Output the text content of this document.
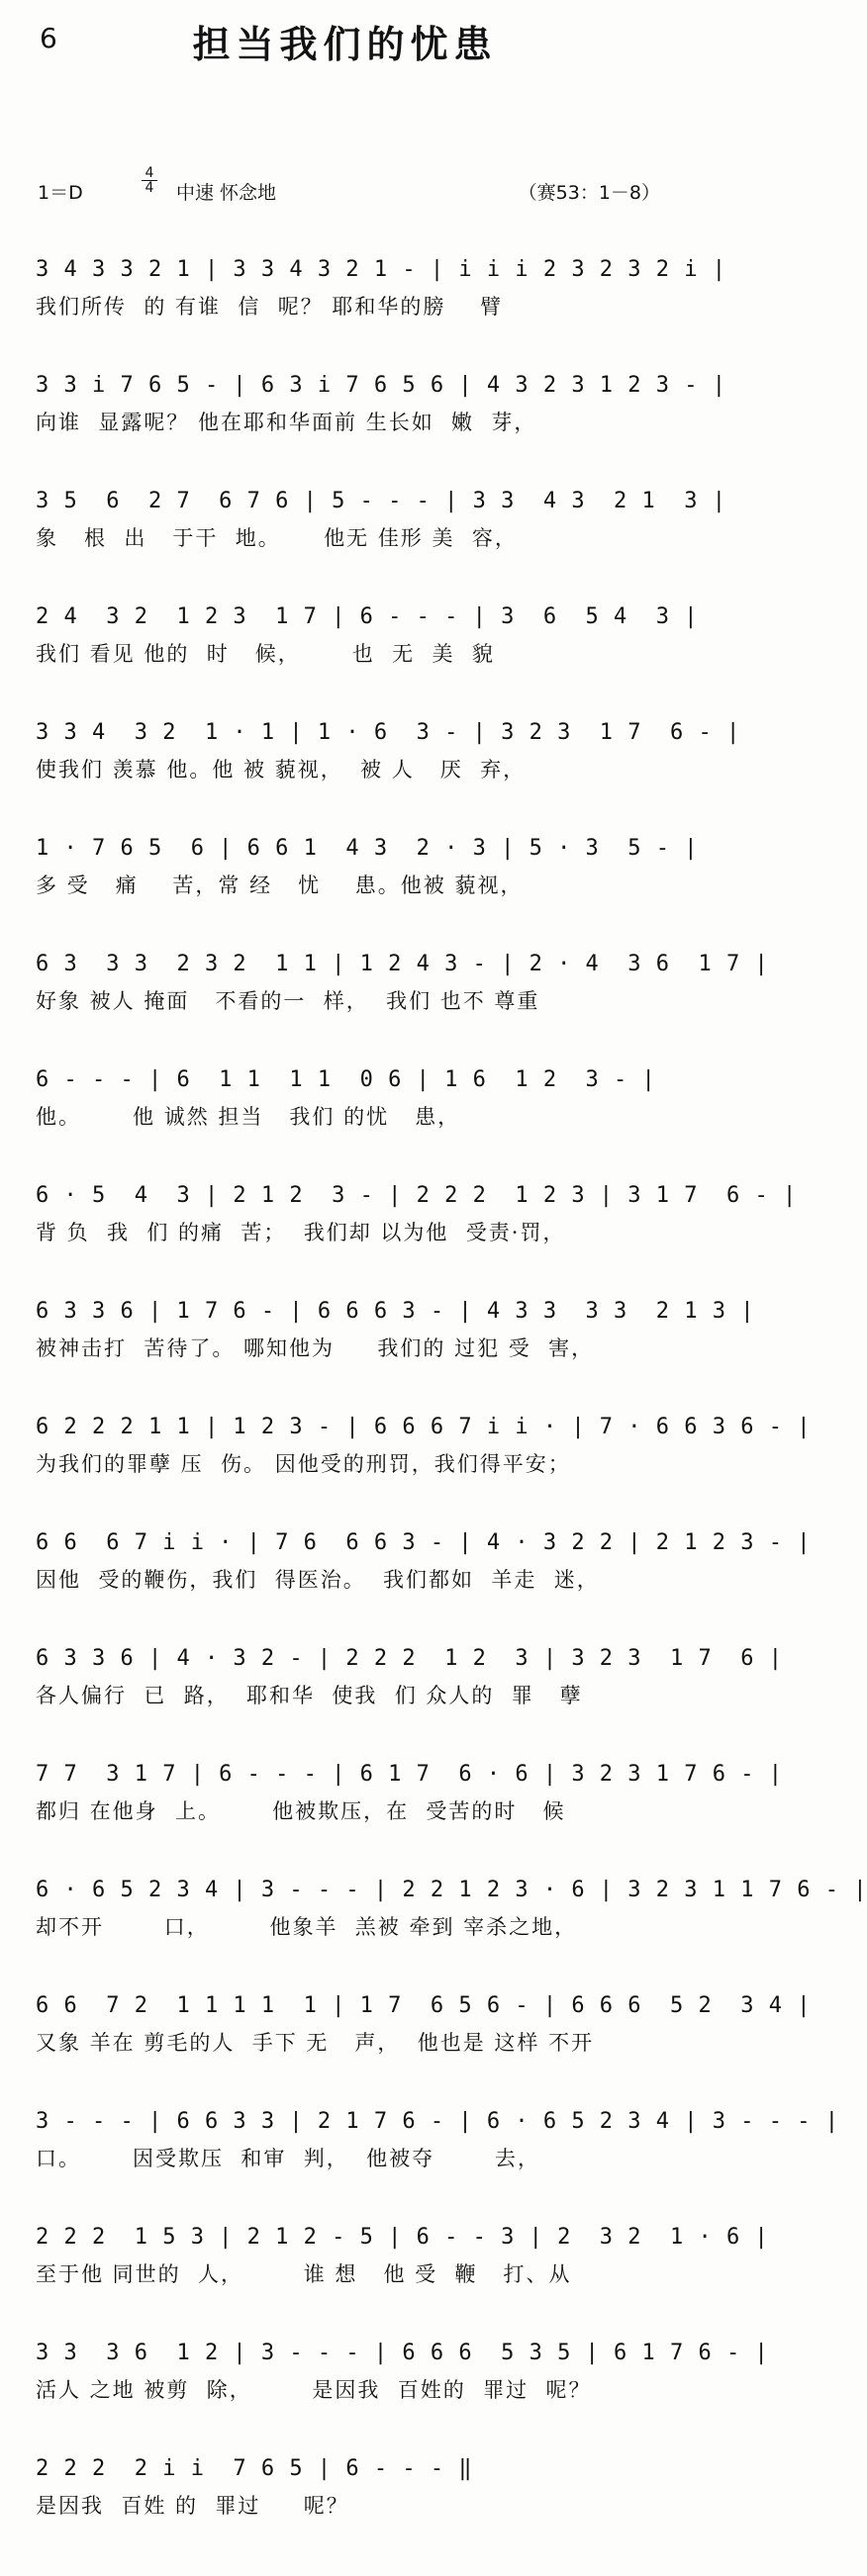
6	担当我们的忧患
1＝D
4
4 中速 怀念地	（赛53：1－8）
3 4 3 3 2 1 | 3 3 4 3 2 1 - | i i i 2 3 2 3 2 i |
我们所传  的 有谁  信  呢？ 耶和华的膀    臂
3 3 i 7 6 5 - | 6 3 i 7 6 5 6 | 4 3 2 3 1 2 3 - |
向谁  显露呢？ 他在耶和华面前 生长如  嫩  芽，
3 5  6  2 7  6 7 6 | 5 - - - | 3 3  4 3  2 1  3 |
象   根  出   于干  地。     他无 佳形 美  容，
2 4  3 2  1 2 3  1 7 | 6 - - - | 3  6  5 4  3 |
我们 看见 他的  时   候，      也  无  美  貌
3 3 4  3 2  1 · 1 | 1 · 6  3 - | 3 2 3  1 7  6 - |
使我们 羡慕 他。他 被 藐视，  被 人   厌  弃，
1 · 7 6 5  6 | 6 6 1  4 3  2 · 3 | 5 · 3  5 - |
多 受   痛    苦，常 经   忧    患。他被 藐视，
6 3  3 3  2 3 2  1 1 | 1 2 4 3 - | 2 · 4  3 6  1 7 |
好象 被人 掩面   不看的一  样，  我们 也不 尊重
6 - - - | 6  1 1  1 1  0 6 | 1 6  1 2  3 - |
他。      他 诚然 担当   我们 的忧   患，
6 · 5  4  3 | 2 1 2  3 - | 2 2 2  1 2 3 | 3 1 7  6 - |
背 负  我  们 的痛  苦；  我们却 以为他  受责·罚，
6 3 3 6 | 1 7 6 - | 6 6 6 3 - | 4 3 3  3 3  2 1 3 |
被神击打  苦待了。 哪知他为     我们的 过犯 受  害，
6 2 2 2 1 1 | 1 2 3 - | 6 6 6 7 i i · | 7 · 6 6 3 6 - |
为我们的罪孽 压  伤。 因他受的刑罚，我们得平安；
6 6  6 7 i i · | 7 6  6 6 3 - | 4 · 3 2 2 | 2 1 2 3 - |
因他  受的鞭伤，我们  得医治。  我们都如  羊走  迷，
6 3 3 6 | 4 · 3 2 - | 2 2 2  1 2  3 | 3 2 3  1 7  6 |
各人偏行  已  路，  耶和华  使我  们 众人的  罪   孽
7 7  3 1 7 | 6 - - - | 6 1 7  6 · 6 | 3 2 3 1 7 6 - |
都归 在他身  上。      他被欺压，在  受苦的时   候
6 · 6 5 2 3 4 | 3 - - - | 2 2 1 2 3 · 6 | 3 2 3 1 1 7 6 - |
却不开       口，       他象羊  羔被 牵到 宰杀之地，
6 6  7 2  1 1 1 1  1 | 1 7  6 5 6 - | 6 6 6  5 2  3 4 |
又象 羊在 剪毛的人  手下 无   声，  他也是 这样 不开
3 - - - | 6 6 3 3 | 2 1 7 6 - | 6 · 6 5 2 3 4 | 3 - - - |
口。      因受欺压  和审  判，  他被夺       去，
2 2 2  1 5 3 | 2 1 2 - 5 | 6 - - 3 | 2  3 2  1 · 6 |
至于他 同世的  人，       谁 想   他 受  鞭   打、从
3 3  3 6  1 2 | 3 - - - | 6 6 6  5 3 5 | 6 1 7 6 - |
活人 之地 被剪  除，       是因我  百姓的  罪过  呢？
2 2 2  2 i i  7 6 5 | 6 - - - ‖
是因我  百姓 的  罪过     呢？
